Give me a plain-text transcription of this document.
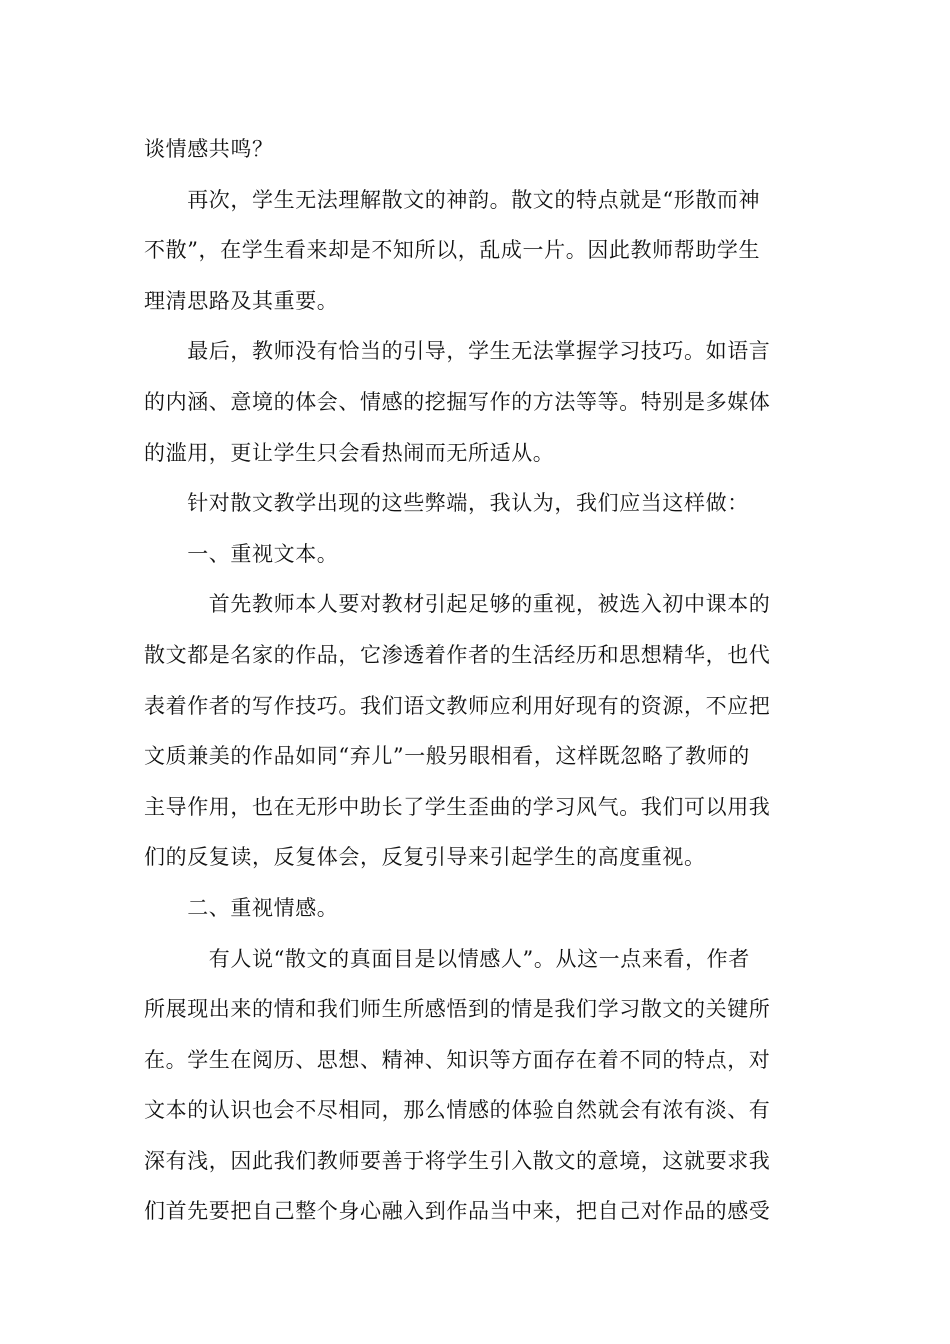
谈情感共鸣？
　　再次，学生无法理解散文的神韵。散文的特点就是“形散而神
不散”，在学生看来却是不知所以，乱成一片。因此教师帮助学生
理清思路及其重要。
　　最后，教师没有恰当的引导，学生无法掌握学习技巧。如语言
的内涵、意境的体会、情感的挖掘写作的方法等等。特别是多媒体
的滥用，更让学生只会看热闹而无所适从。
　　针对散文教学出现的这些弊端，我认为，我们应当这样做：
　　一、重视文本。
　　　首先教师本人要对教材引起足够的重视，被选入初中课本的
散文都是名家的作品，它渗透着作者的生活经历和思想精华，也代
表着作者的写作技巧。我们语文教师应利用好现有的资源，不应把
文质兼美的作品如同“弃儿”一般另眼相看，这样既忽略了教师的
主导作用，也在无形中助长了学生歪曲的学习风气。我们可以用我
们的反复读，反复体会，反复引导来引起学生的高度重视。
　　二、重视情感。
　　　有人说“散文的真面目是以情感人”。从这一点来看，作者
所展现出来的情和我们师生所感悟到的情是我们学习散文的关键所
在。学生在阅历、思想、精神、知识等方面存在着不同的特点，对
文本的认识也会不尽相同，那么情感的体验自然就会有浓有淡、有
深有浅，因此我们教师要善于将学生引入散文的意境，这就要求我
们首先要把自己整个身心融入到作品当中来，把自己对作品的感受
